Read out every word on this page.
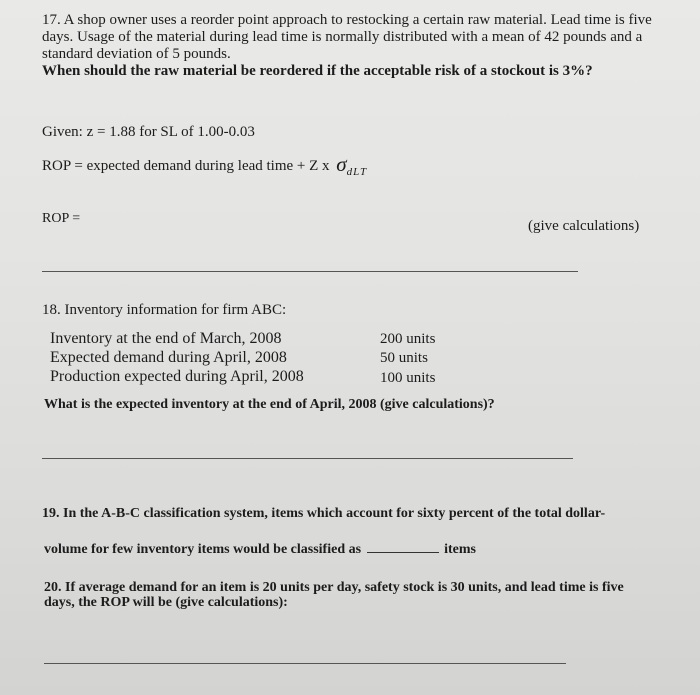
17. A shop owner uses a reorder point approach to restocking a certain raw material. Lead time is five

days. Usage of the material during lead time is normally distributed with a mean of 42 pounds and a

standard deviation of 5 pounds.

When should the raw material be reordered if the acceptable risk of a stockout is 3%?

Given: z = 1.88 for SL of 1.00-0.03
ROP = expected demand during lead time + Z x $\sigma_{dLT}$
ROP =	(give calculations)
18. Inventory information for firm ABC:
Inventory at the end of March, 2008	200 units
Expected demand during April, 2008	50 units
Production expected during April, 2008	100 units
What is the expected inventory at the end of April, 2008 (give calculations)?
19. In the A-B-C classification system, items which account for sixty percent of the total dollar-
volume for few inventory items would be classified as	items

20. If average demand for an item is 20 units per day, safety stock is 30 units, and lead time is five

days, the ROP will be (give calculations):
